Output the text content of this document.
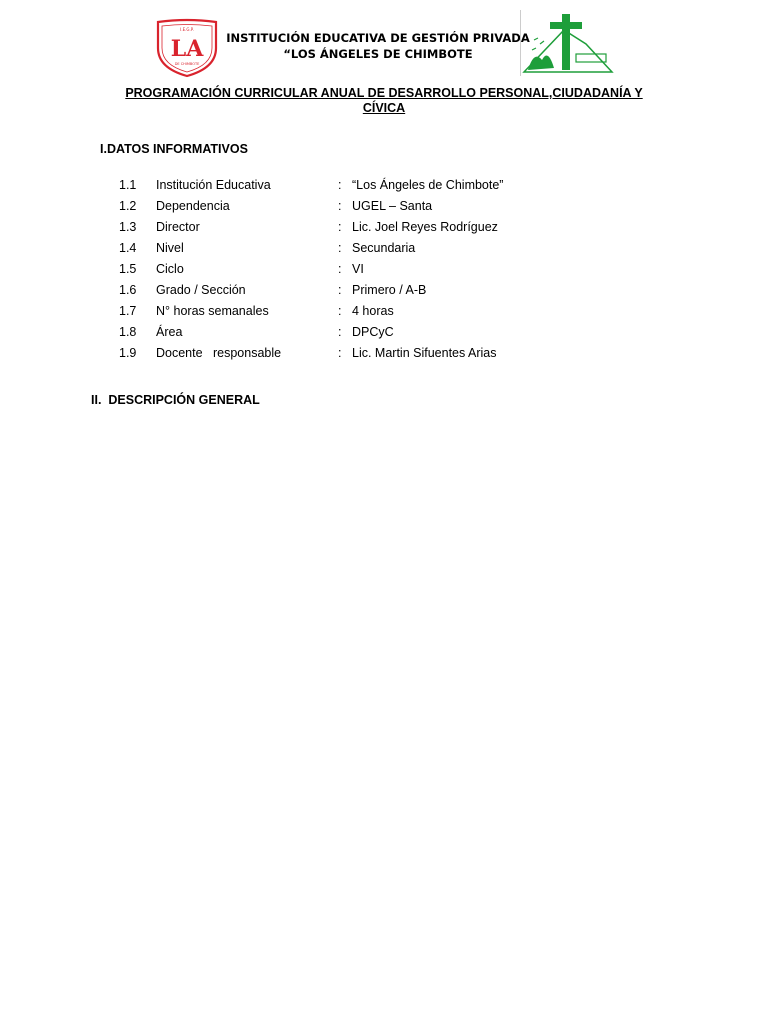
I.E.G.P.
LA
DE CHIMBOTE
INSTITUCIÓN EDUCATIVA DE GESTIÓN PRIVADA
“LOS ÁNGELES DE CHIMBOTE
PROGRAMACIÓN CURRICULAR ANUAL DE DESARROLLO PERSONAL,CIUDADANÍA Y CÍVICA
I.DATOS INFORMATIVOS
1.1 Institución Educativa	: “Los Ángeles de Chimbote”
1.2 Dependencia	: UGEL – Santa
1.3 Director	: Lic. Joel Reyes Rodríguez
1.4 Nivel	: Secundaria
1.5 Ciclo	: VI
1.6 Grado / Sección	: Primero / A-B
1.7 N° horas semanales	: 4 horas
1.8 Área	: DPCyC
1.9 Docente   responsable	: Lic. Martin Sifuentes Arias
II.  DESCRIPCIÓN GENERAL
